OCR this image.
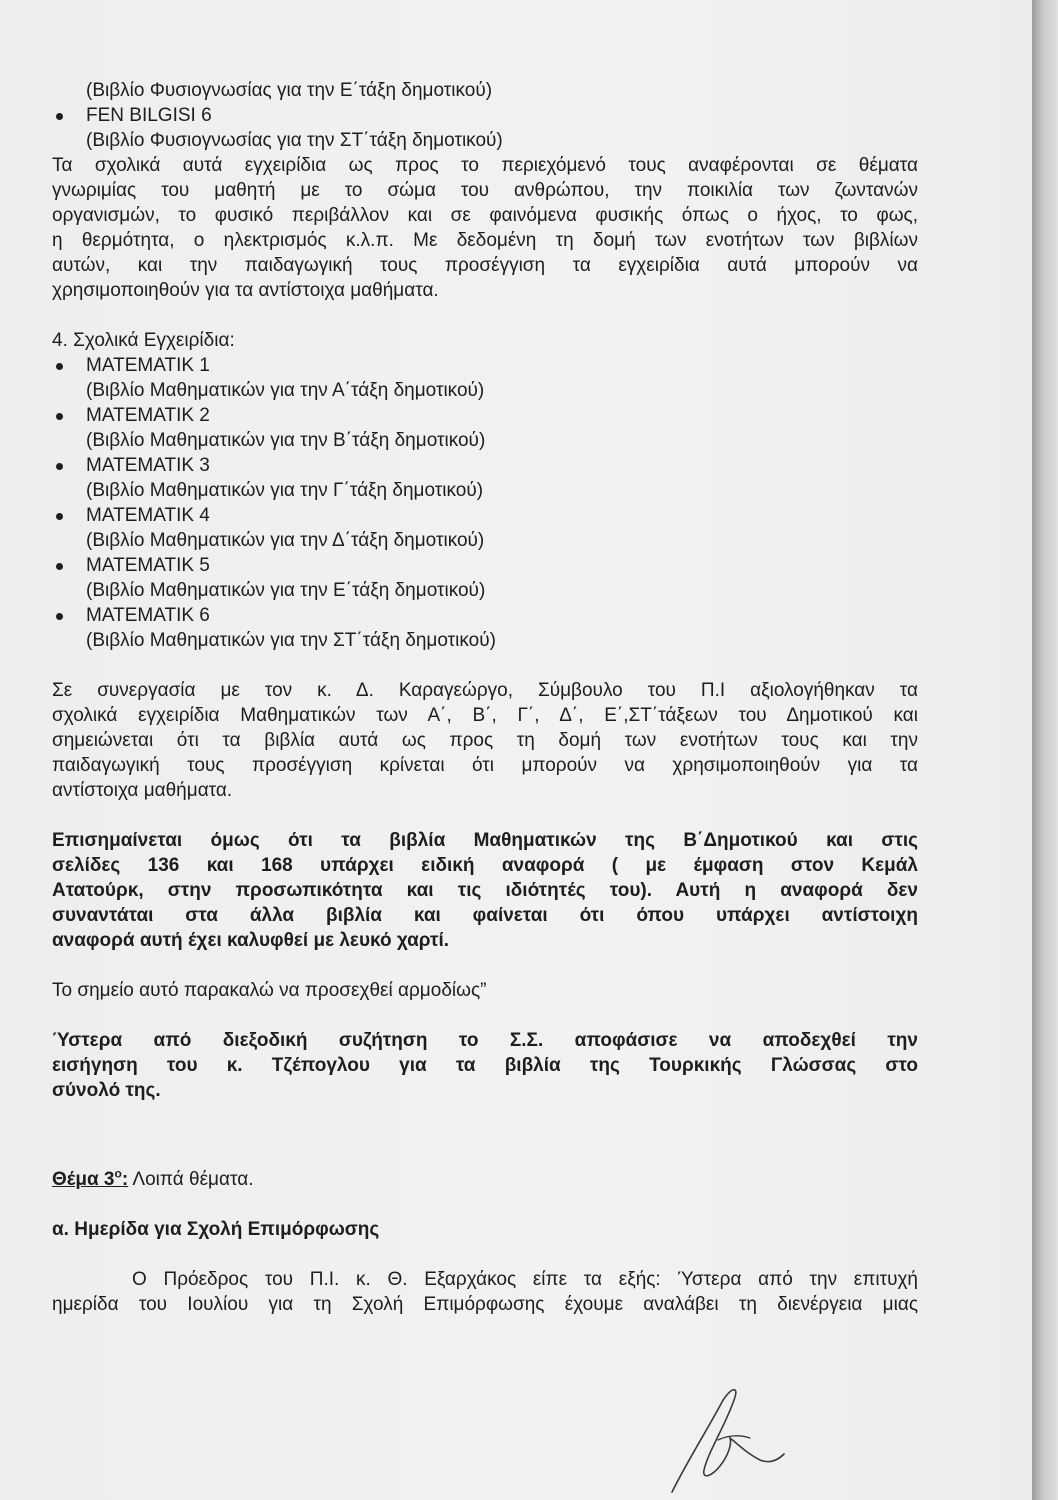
(Βιβλίο Φυσιογνωσίας για την Ε΄τάξη δημοτικού)
FEN BILGISI 6
(Βιβλίο Φυσιογνωσίας για την ΣΤ΄τάξη δημοτικού)
Τα σχολικά αυτά εγχειρίδια ως προς το περιεχόμενό τους αναφέρονται σε θέματα
γνωριμίας του μαθητή με το σώμα του ανθρώπου, την ποικιλία των ζωντανών
οργανισμών, το φυσικό περιβάλλον και σε φαινόμενα φυσικής όπως ο ήχος, το φως,
η θερμότητα, ο ηλεκτρισμός κ.λ.π. Με δεδομένη τη δομή των ενοτήτων των βιβλίων
αυτών, και την παιδαγωγική τους προσέγγιση τα εγχειρίδια αυτά μπορούν να
χρησιμοποιηθούν για τα αντίστοιχα μαθήματα.
4. Σχολικά Εγχειρίδια:
MATEMATIK 1
(Βιβλίο Μαθηματικών για την Α΄τάξη δημοτικού)
MATEMATIK 2
(Βιβλίο Μαθηματικών για την Β΄τάξη δημοτικού)
MATEMATIK 3
(Βιβλίο Μαθηματικών για την Γ΄τάξη δημοτικού)
MATEMATIK 4
(Βιβλίο Μαθηματικών για την Δ΄τάξη δημοτικού)
MATEMATIK 5
(Βιβλίο Μαθηματικών για την Ε΄τάξη δημοτικού)
MATEMATIK 6
(Βιβλίο Μαθηματικών για την ΣΤ΄τάξη δημοτικού)
Σε συνεργασία με τον κ. Δ. Καραγεώργο, Σύμβουλο του Π.Ι αξιολογήθηκαν τα
σχολικά εγχειρίδια Μαθηματικών των Α΄, Β΄, Γ΄, Δ΄, Ε΄,ΣΤ΄τάξεων του Δημοτικού και
σημειώνεται ότι τα βιβλία αυτά ως προς τη δομή των ενοτήτων τους και την
παιδαγωγική τους προσέγγιση κρίνεται ότι μπορούν να χρησιμοποιηθούν για τα
αντίστοιχα μαθήματα.
Επισημαίνεται όμως ότι τα βιβλία Μαθηματικών της Β΄Δημοτικού και στις
σελίδες 136 και 168 υπάρχει ειδική αναφορά ( με έμφαση στον Κεμάλ
Ατατούρκ, στην προσωπικότητα και τις ιδιότητές του). Αυτή η αναφορά δεν
συναντάται στα άλλα βιβλία και φαίνεται ότι όπου υπάρχει αντίστοιχη
αναφορά αυτή έχει καλυφθεί με λευκό χαρτί.
Το σημείο αυτό παρακαλώ να προσεχθεί αρμοδίως”
Ύστερα από διεξοδική συζήτηση το Σ.Σ. αποφάσισε να αποδεχθεί την
εισήγηση του κ. Τζέπογλου για τα βιβλία της Τουρκικής Γλώσσας στο
σύνολό της.
Θέμα $3^o$: Λοιπά θέματα.
α. Ημερίδα για Σχολή Επιμόρφωσης
Ο Πρόεδρος του Π.Ι. κ. Θ. Εξαρχάκος είπε τα εξής: Ύστερα από την επιτυχή
ημερίδα του Ιουλίου για τη Σχολή Επιμόρφωσης έχουμε αναλάβει τη διενέργεια μιας
